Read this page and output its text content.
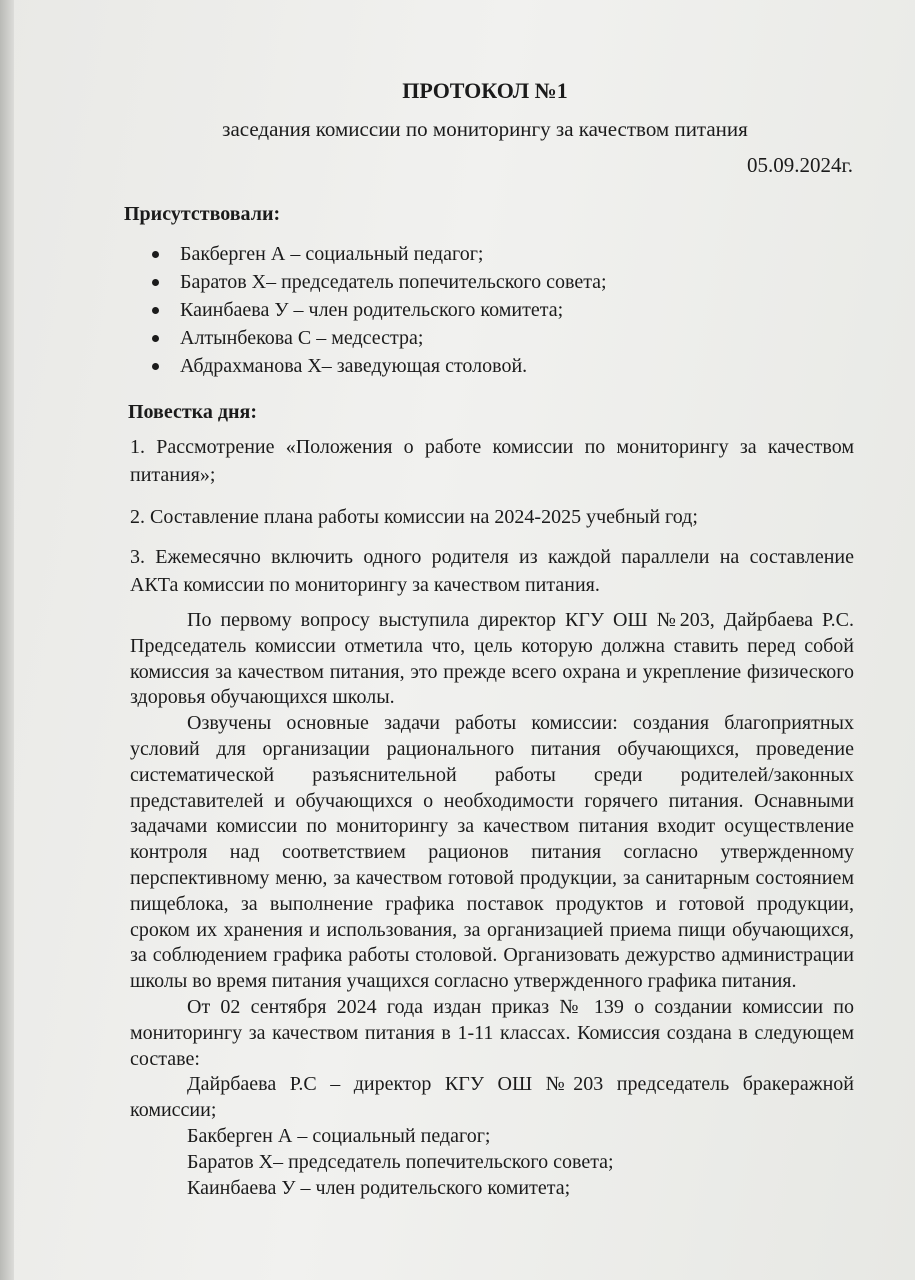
ПРОТОКОЛ №1
заседания комиссии по мониторингу за качеством питания
05.09.2024г.
Присутствовали:
Бакберген А – социальный педагог;
Баратов Х– председатель попечительского совета;
Каинбаева У – член родительского комитета;
Алтынбекова С – медсестра;
Абдрахманова Х– заведующая столовой.
Повестка дня:
1. Рассмотрение «Положения о работе комиссии по мониторингу за качеством питания»;
2. Составление плана работы комиссии на 2024-2025 учебный год;
3. Ежемесячно включить одного родителя из каждой параллели на составление АКТа комиссии по мониторингу за качеством питания.

По первому вопросу выступила директор КГУ ОШ №203, Дайрбаева Р.С. Председатель комиссии отметила что, цель которую должна ставить перед собой комиссия за качеством питания, это прежде всего охрана и укрепление физического здоровья обучающихся школы.

Озвучены основные задачи работы комиссии: создания благоприятных условий для организации рационального питания обучающихся, проведение систематической разъяснительной работы среди родителей/законных представителей и обучающихся о необходимости горячего питания. Оснавными задачами комиссии по мониторингу за качеством питания входит осуществление контроля над соответствием рационов питания согласно утвержденному перспективному меню, за качеством готовой продукции, за санитарным состоянием пищеблока, за выполнение графика поставок продуктов и готовой продукции, сроком их хранения и использования, за организацией приема пищи обучающихся, за соблюдением графика работы столовой. Организовать дежурство администрации школы во время питания учащихся согласно утвержденного графика питания.

От 02 сентября 2024 года издан приказ № 139 о создании комиссии по мониторингу за качеством питания в 1-11 классах. Комиссия создана в следующем составе:

Дайрбаева Р.С – директор КГУ ОШ №203 председатель бракеражной комиссии;

Бакберген А – социальный педагог;

Баратов Х– председатель попечительского совета;

Каинбаева У – член родительского комитета;
